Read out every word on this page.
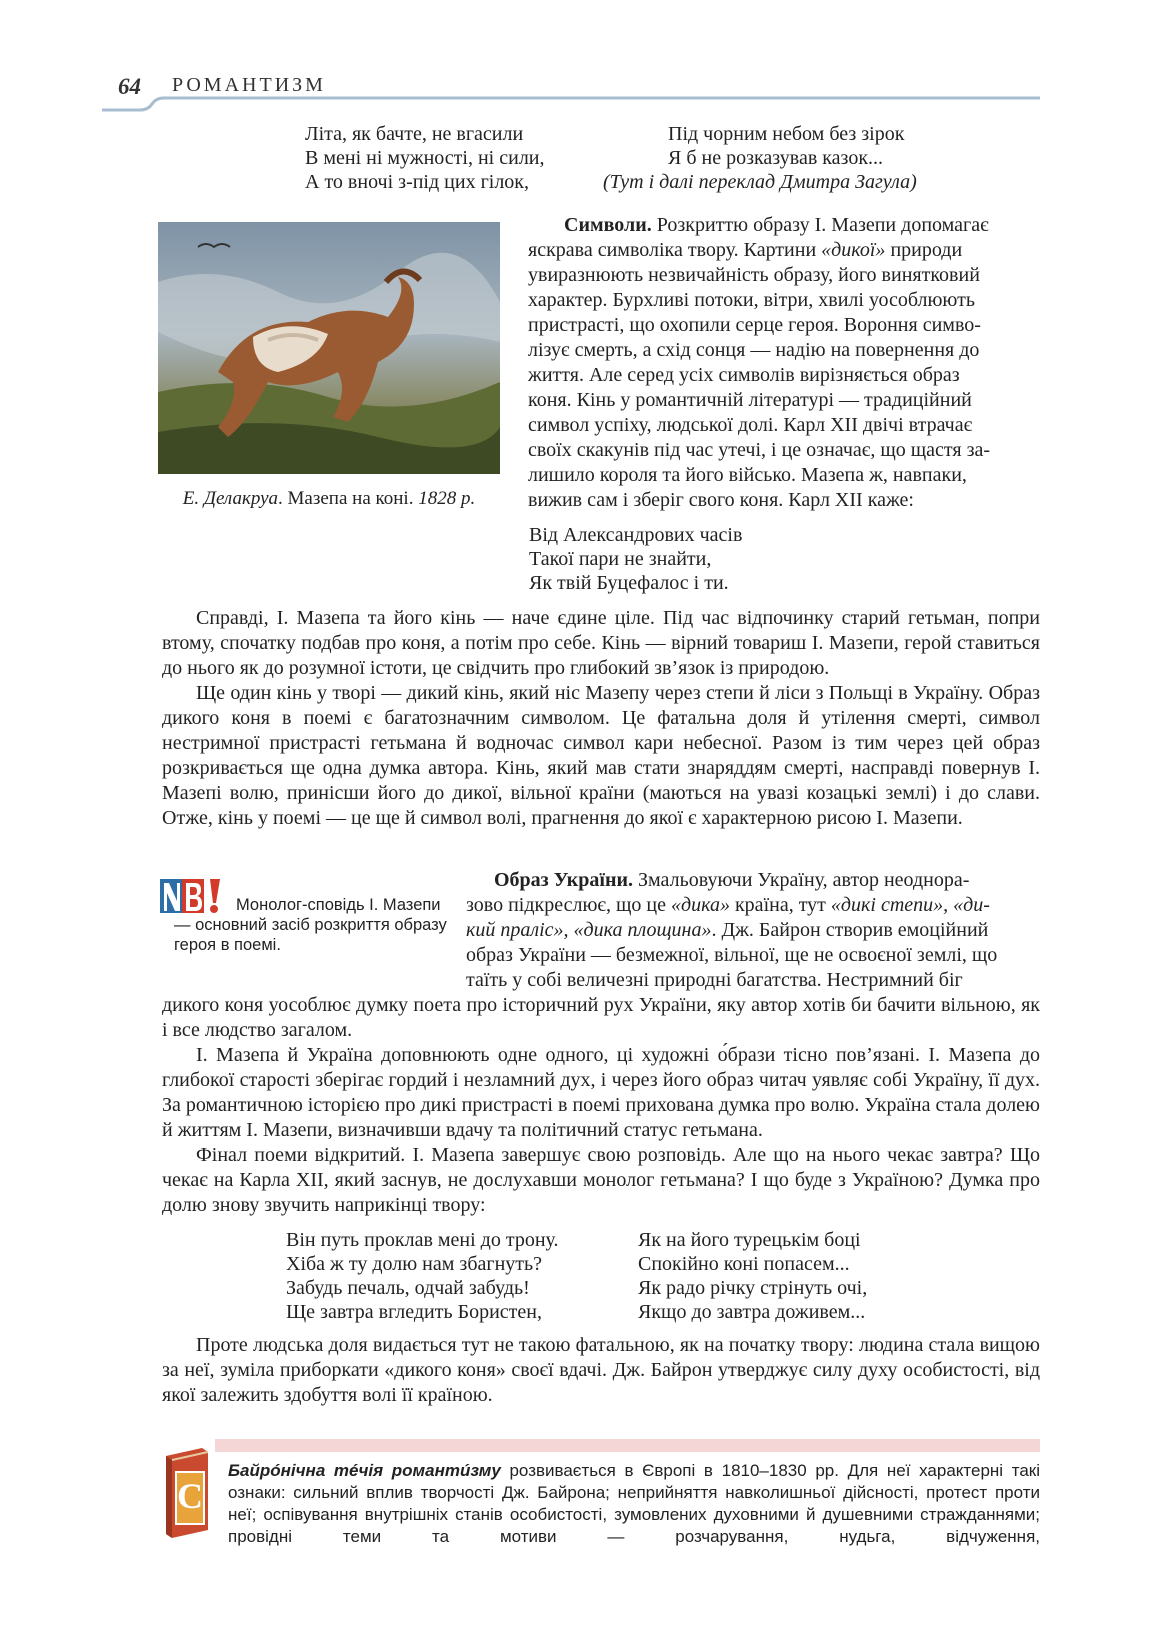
64 РОМАНТИЗМ
Літа, як бачте, не вгасили
В мені ні мужності, ні сили,
А то вночі з-під цих гілок,
Під чорним небом без зірок
Я б не розказував казок...
(Тут і далі переклад Дмитра Загула)
Е. Делакруа. Мазепа на коні. 1828 р.
Символи. Розкриттю образу І. Мазепи допомагає
яскрава символіка твору. Картини «дикої» природи
увиразнюють незвичайність образу, його винятковий
характер. Бурхливі потоки, вітри, хвилі уособлюють
пристрасті, що охопили серце героя. Вороння симво-
лізує смерть, а схід сонця — надію на повернення до
життя. Але серед усіх символів вирізняється образ
коня. Кінь у романтичній літературі — традиційний
символ успіху, людської долі. Карл XII двічі втрачає
своїх скакунів під час утечі, і це означає, що щастя за-
лишило короля та його військо. Мазепа ж, навпаки,
вижив сам і зберіг свого коня. Карл XII каже:
Від Александрових часів
Такої пари не знайти,
Як твій Буцефалос і ти.
Справді, І. Мазепа та його кінь — наче єдине ціле. Під час відпочинку старий гетьман, попри втому, спочатку подбав про коня, а потім про себе. Кінь — вірний товариш І. Мазепи, герой ставиться до нього як до розумної істоти, це свідчить про глибокий зв’язок із природою.
Ще один кінь у творі — дикий кінь, який ніс Мазепу через степи й ліси з Польщі в Україну. Образ дикого коня в поемі є багатозначним символом. Це фатальна доля й утілення смерті, символ нестримної пристрасті гетьмана й водночас символ кари небесної. Разом із тим через цей образ розкривається ще одна думка автора. Кінь, який мав стати знаряддям смерті, насправді повернув І. Мазепі волю, принісши його до дикої, вільної країни (маються на увазі козацькі землі) і до слави. Отже, кінь у поемі — це ще й символ волі, прагнення до якої є характерною рисою І. Мазепи.
Монолог-сповідь І. Мазепи — основний засіб розкриття образу героя в поемі.
Образ України. Змальовуючи Україну, автор неоднора-
зово підкреслює, що це «дика» країна, тут «дикі степи», «ди-
кий праліс», «дика площина». Дж. Байрон створив емоційний
образ України — безмежної, вільної, ще не освоєної землі, що
таїть у собі величезні природні багатства. Нестримний біг
дикого коня уособлює думку поета про історичний рух України, яку автор хотів би бачити вільною, як і все людство загалом.
І. Мазепа й Україна доповнюють одне одного, ці художні о́брази тісно пов’язані. І. Мазепа до глибокої старості зберігає гордий і незламний дух, і через його образ читач уявляє собі Україну, її дух. За романтичною історією про дикі пристрасті в поемі прихована думка про волю. Україна стала долею й життям І. Мазепи, визначивши вдачу та політичний статус гетьмана.
Фінал поеми відкритий. І. Мазепа завершує свою розповідь. Але що на нього чекає завтра? Що чекає на Карла XII, який заснув, не дослухавши монолог гетьмана? І що буде з Україною? Думка про долю знову звучить наприкінці твору:
Він путь проклав мені до трону.
Хіба ж ту долю нам збагнуть?
Забудь печаль, одчай забудь!
Ще завтра вгледить Бористен,
Як на його турецькім боці
Спокійно коні попасем...
Як радо річку стрінуть очі,
Якщо до завтра доживем...
Проте людська доля видається тут не такою фатальною, як на початку твору: людина стала вищою за неї, зуміла приборкати «дикого коня» своєї вдачі. Дж. Байрон утверджує силу духу особистості, від якої залежить здобуття волі її країною.
С
Байрóнічна тéчія романтúзму розвивається в Європі в 1810–1830 рр. Для неї характерні такі ознаки: сильний вплив творчості Дж. Байрона; неприйняття навколишньої дійсності, протест проти неї; оспівування внутрішніх станів особистості, зумовлених духовними й душевними стражданнями; провідні теми та мотиви — розчарування, нудьга, відчуження,
